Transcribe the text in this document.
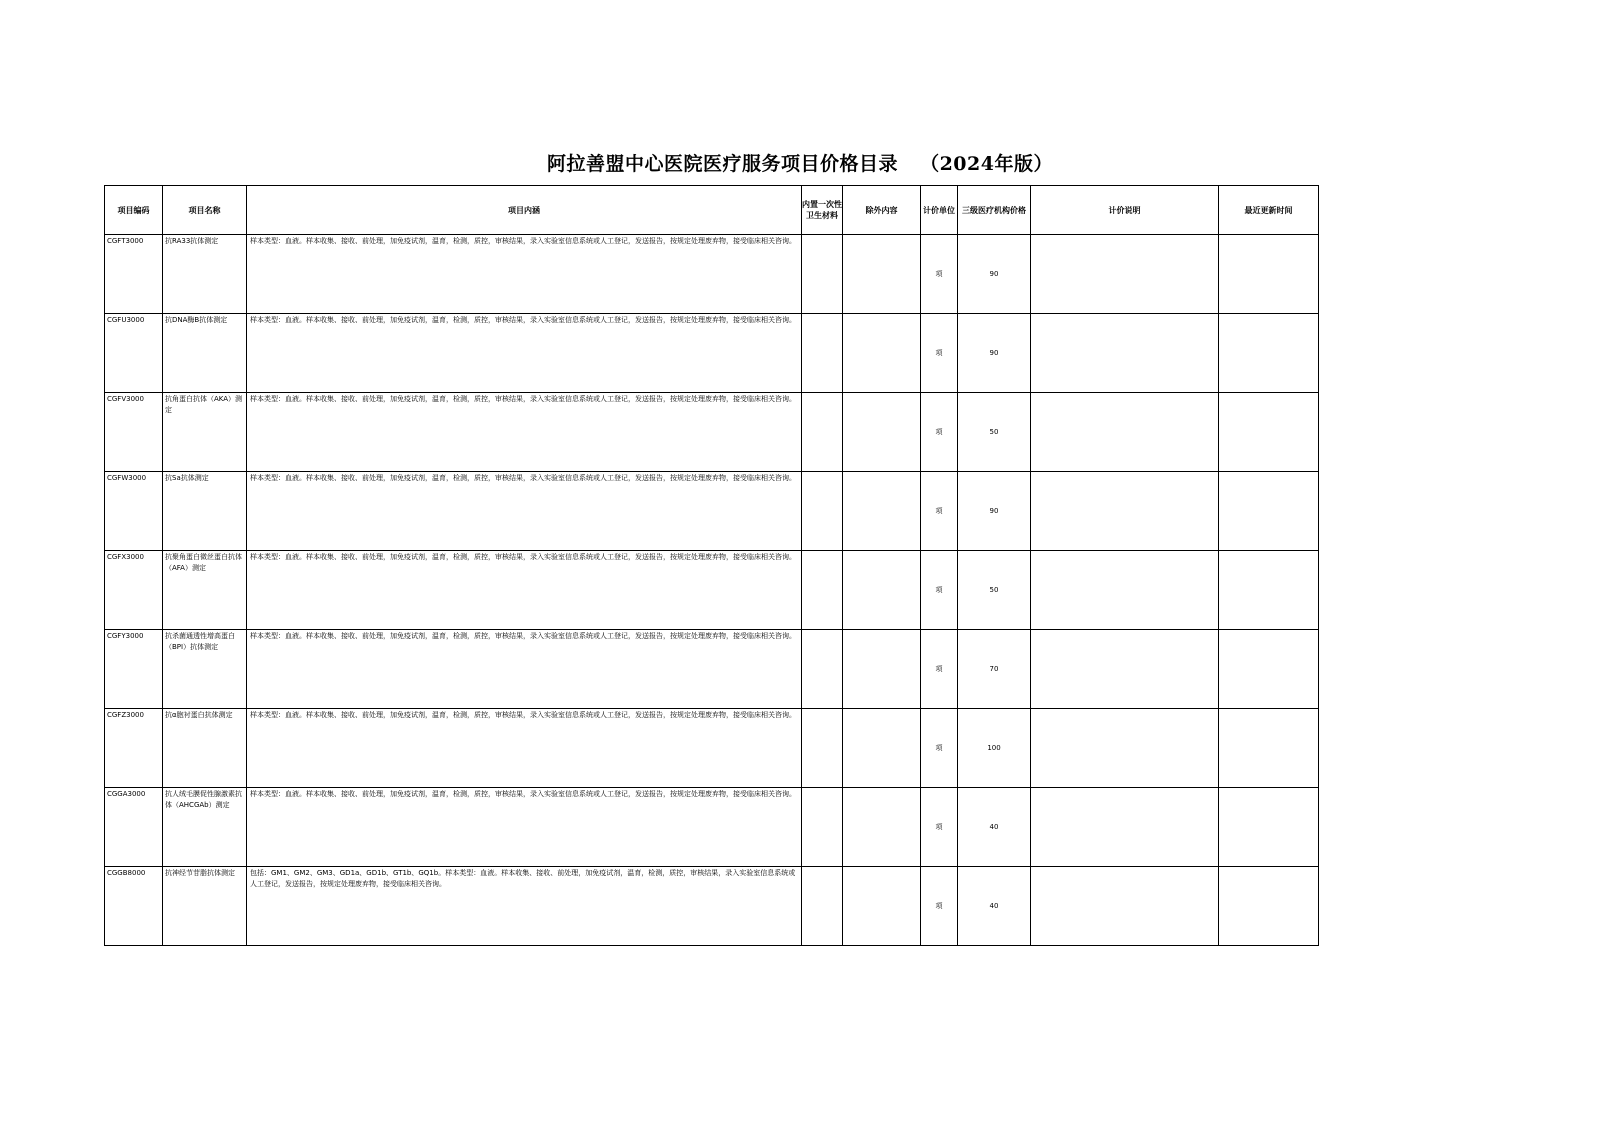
阿拉善盟中心医院医疗服务项目价格目录 （2024年版）
项目编码	项目名称	项目内涵	内置一次性卫生材料	除外内容	计价单位	三级医疗机构价格	计价说明	最近更新时间
CGFT3000	抗RA33抗体测定	样本类型：血液。样本收集、接收、前处理，加免疫试剂，温育，检测，质控，审核结果，录入实验室信息系统或人工登记，发送报告，按规定处理废弃物，接受临床相关咨询。			项	90		
CGFU3000	抗DNA酶B抗体测定	样本类型：血液。样本收集、接收、前处理，加免疫试剂，温育，检测，质控，审核结果，录入实验室信息系统或人工登记，发送报告，按规定处理废弃物，接受临床相关咨询。			项	90		
CGFV3000	抗角蛋白抗体（AKA）测定	样本类型：血液。样本收集、接收、前处理，加免疫试剂，温育，检测，质控，审核结果，录入实验室信息系统或人工登记，发送报告，按规定处理废弃物，接受临床相关咨询。			项	50		
CGFW3000	抗Sa抗体测定	样本类型：血液。样本收集、接收、前处理，加免疫试剂，温育，检测，质控，审核结果，录入实验室信息系统或人工登记，发送报告，按规定处理废弃物，接受临床相关咨询。			项	90		
CGFX3000	抗聚角蛋白微丝蛋白抗体（AFA）测定	样本类型：血液。样本收集、接收、前处理，加免疫试剂，温育，检测，质控，审核结果，录入实验室信息系统或人工登记，发送报告，按规定处理废弃物，接受临床相关咨询。			项	50		
CGFY3000	抗杀菌通透性增高蛋白（BPI）抗体测定	样本类型：血液。样本收集、接收、前处理，加免疫试剂，温育，检测，质控，审核结果，录入实验室信息系统或人工登记，发送报告，按规定处理废弃物，接受临床相关咨询。			项	70		
CGFZ3000	抗α胞衬蛋白抗体测定	样本类型：血液。样本收集、接收、前处理，加免疫试剂，温育，检测，质控，审核结果，录入实验室信息系统或人工登记，发送报告，按规定处理废弃物，接受临床相关咨询。			项	100		
CGGA3000	抗人绒毛膜促性腺激素抗体（AHCGAb）测定	样本类型：血液。样本收集、接收、前处理，加免疫试剂，温育，检测，质控，审核结果，录入实验室信息系统或人工登记，发送报告，按规定处理废弃物，接受临床相关咨询。			项	40		
CGGB8000	抗神经节苷脂抗体测定	包括：GM1、GM2、GM3、GD1a、GD1b、GT1b、GQ1b。样本类型：血液。样本收集、接收、前处理，加免疫试剂，温育，检测，质控，审核结果，录入实验室信息系统或人工登记，发送报告，按规定处理废弃物，接受临床相关咨询。			项	40		
